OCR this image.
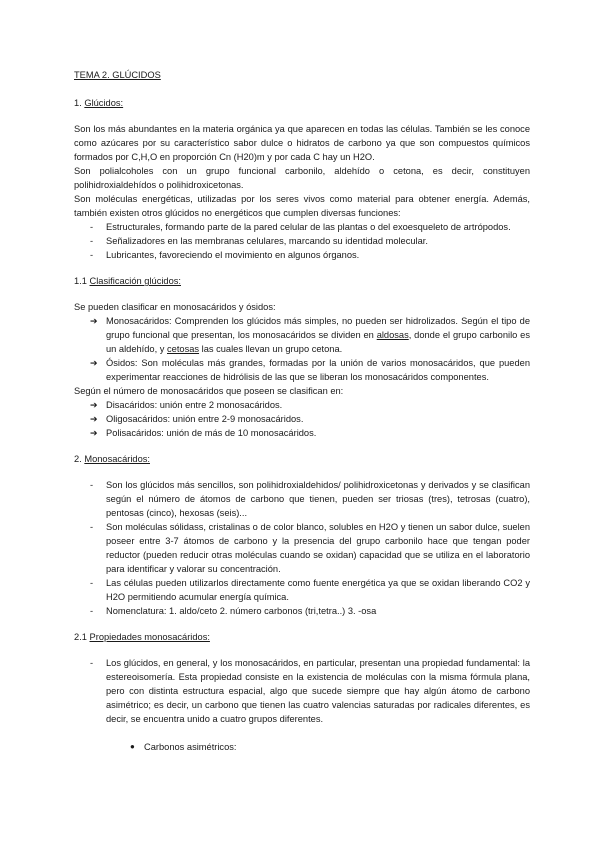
TEMA 2. GLÚCIDOS

1. Glúcidos:

Son los más abundantes en la materia orgánica ya que aparecen en todas las células. También se les conoce como azúcares por su característico sabor dulce o hidratos de carbono ya que son compuestos químicos formados por C,H,O en proporción Cn (H20)m y por cada C hay un H2O.

Son polialcoholes con un grupo funcional carbonilo, aldehído o cetona, es decir, constituyen polihidroxialdehídos o polihidroxicetonas.

Son moléculas energéticas, utilizadas por los seres vivos como material para obtener energía. Además, también existen otros glúcidos no energéticos que cumplen diversas funciones:

- Estructurales, formando parte de la pared celular de las plantas o del exoesqueleto de artrópodos.
- Señalizadores en las membranas celulares, marcando su identidad molecular.
- Lubricantes, favoreciendo el movimiento en algunos órganos.

1.1 Clasificación glúcidos:

Se pueden clasificar en monosacáridos y ósidos:

➔ Monosacáridos: Comprenden los glúcidos más simples, no pueden ser hidrolizados. Según el tipo de grupo funcional que presentan, los monosacáridos se dividen en aldosas, donde el grupo carbonilo es un aldehído, y cetosas las cuales llevan un grupo cetona.
➔ Ósidos: Son moléculas más grandes, formadas por la unión de varios monosacáridos, que pueden experimentar reacciones de hidrólisis de las que se liberan los monosacáridos componentes.

Según el número de monosacáridos que poseen se clasifican en:

➔ Disacáridos: unión entre 2 monosacáridos.
➔ Oligosacáridos: unión entre 2-9 monosacáridos.
➔ Polisacáridos: unión de más de 10 monosacáridos.

2. Monosacáridos:

- Son los glúcidos más sencillos, son polihidroxialdehidos/ polihidroxicetonas y derivados y se clasifican según el número de átomos de carbono que tienen, pueden ser triosas (tres), tetrosas (cuatro), pentosas (cinco), hexosas (seis)...
- Son moléculas sólidass, cristalinas o de color blanco, solubles en H2O y tienen un sabor dulce, suelen poseer entre 3-7 átomos de carbono y la presencia del grupo carbonilo hace que tengan poder reductor (pueden reducir otras moléculas cuando se oxidan) capacidad que se utiliza en el laboratorio para identificar y valorar su concentración.
- Las células pueden utilizarlos directamente como fuente energética ya que se oxidan liberando CO2 y H2O permitiendo acumular energía química.
- Nomenclatura: 1. aldo/ceto 2. número carbonos (tri,tetra..) 3. -osa

2.1 Propiedades monosacáridos:

- Los glúcidos, en general, y los monosacáridos, en particular, presentan una propiedad fundamental: la estereoisomería. Esta propiedad consiste en la existencia de moléculas con la misma fórmula plana, pero con distinta estructura espacial, algo que sucede siempre que hay algún átomo de carbono asimétrico; es decir, un carbono que tienen las cuatro valencias saturadas por radicales diferentes, es decir, se encuentra unido a cuatro grupos diferentes.
● Carbonos asimétricos:
